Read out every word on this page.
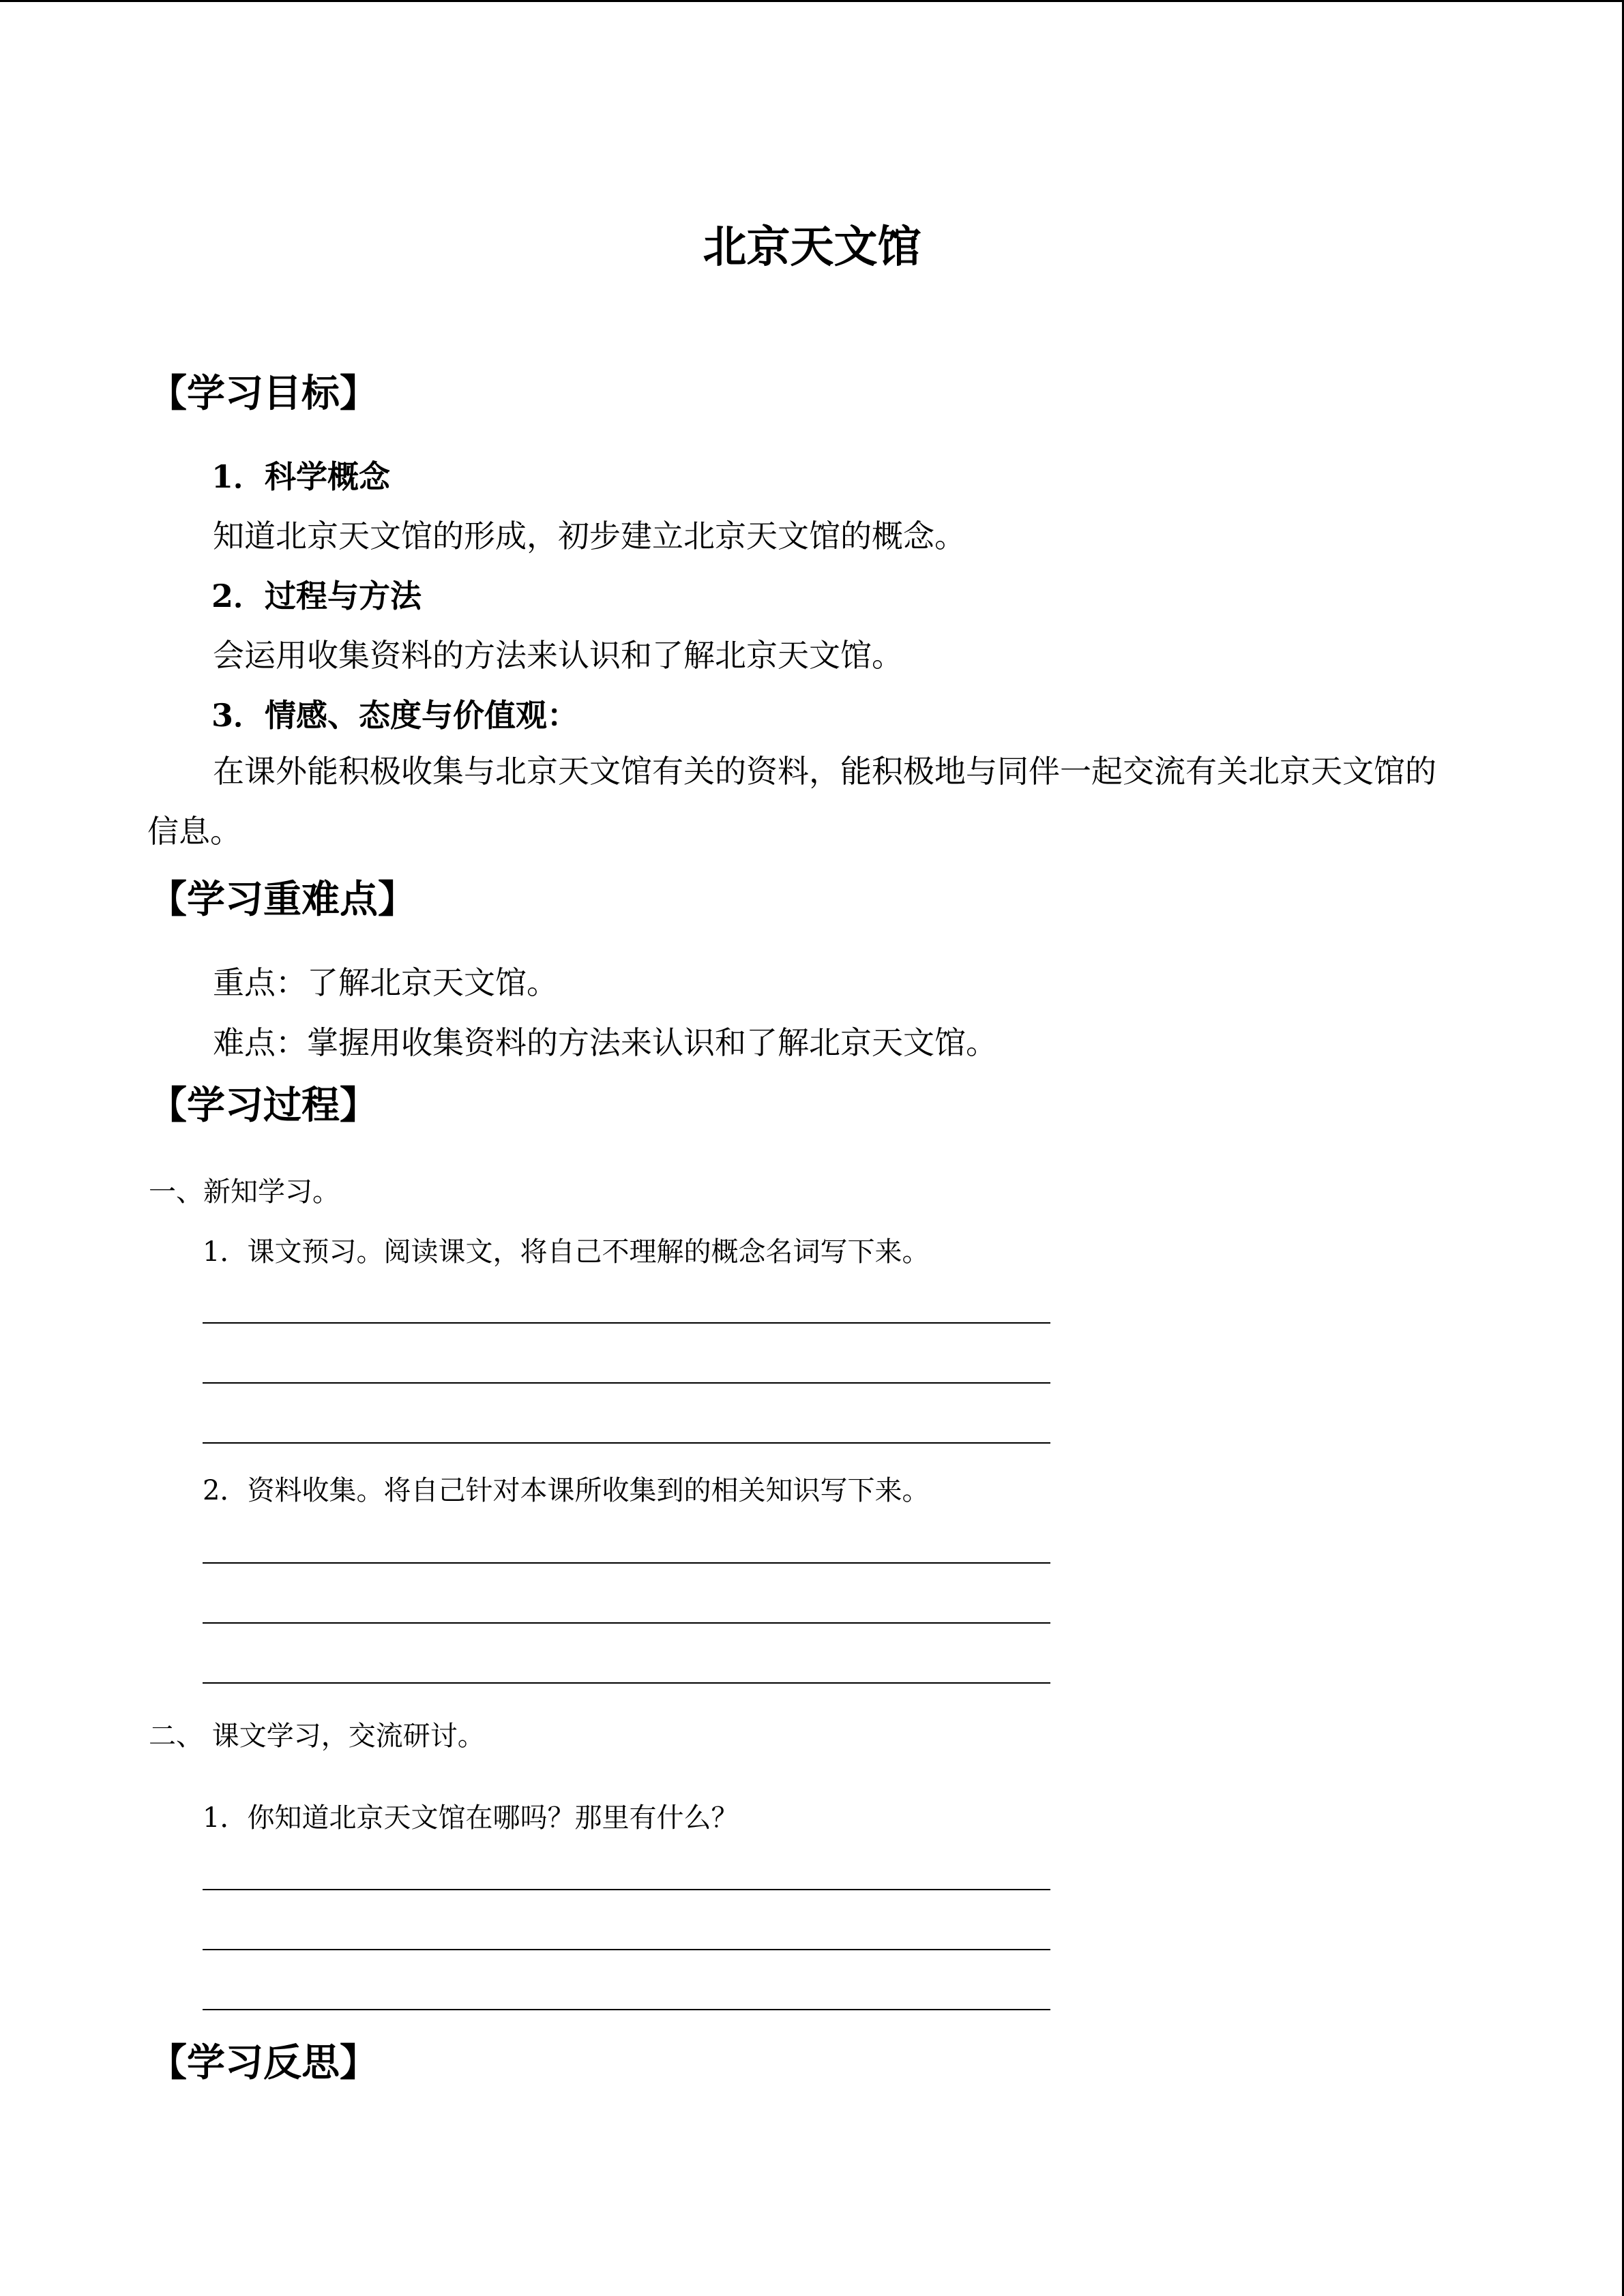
北京天文馆
【学习目标】
1．科学概念
知道北京天文馆的形成，初步建立北京天文馆的概念。
2．过程与方法
会运用收集资料的方法来认识和了解北京天文馆。
3．情感、态度与价值观：
在课外能积极收集与北京天文馆有关的资料，能积极地与同伴一起交流有关北京天文馆的信息。
【学习重难点】
重点：了解北京天文馆。
难点：掌握用收集资料的方法来认识和了解北京天文馆。
【学习过程】
一、新知学习。
1．课文预习。阅读课文，将自己不理解的概念名词写下来。
2．资料收集。将自己针对本课所收集到的相关知识写下来。
二、 课文学习，交流研讨。
1．你知道北京天文馆在哪吗？那里有什么？
【学习反思】
